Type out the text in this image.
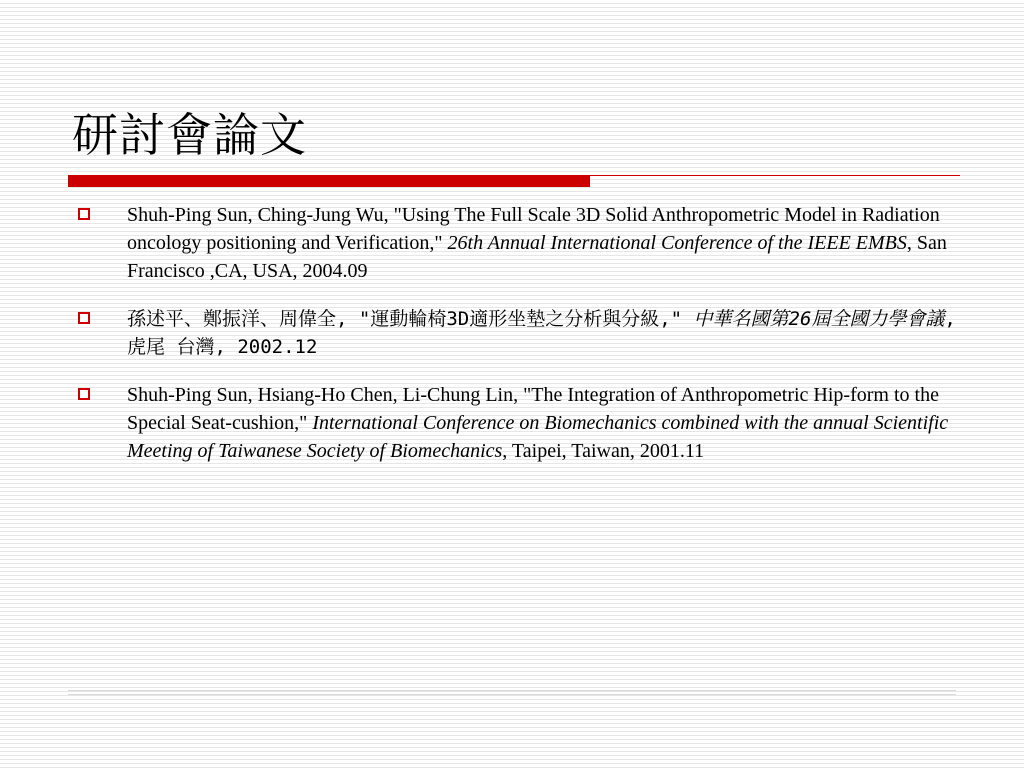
研討會論文
Shuh-Ping Sun, Ching-Jung Wu, "Using The Full Scale 3D Solid Anthropometric Model in Radiation oncology positioning and Verification," 26th Annual International Conference of the IEEE EMBS, San Francisco ,CA, USA, 2004.09
孫述平、鄭振洋、周偉全, "運動輪椅3D適形坐墊之分析與分級," 中華名國第26屆全國力學會議, 虎尾 台灣, 2002.12
Shuh-Ping Sun, Hsiang-Ho Chen, Li-Chung Lin, "The Integration of Anthropometric Hip-form to the Special Seat-cushion," International Conference on Biomechanics combined with the annual Scientific Meeting of Taiwanese Society of Biomechanics, Taipei, Taiwan, 2001.11
